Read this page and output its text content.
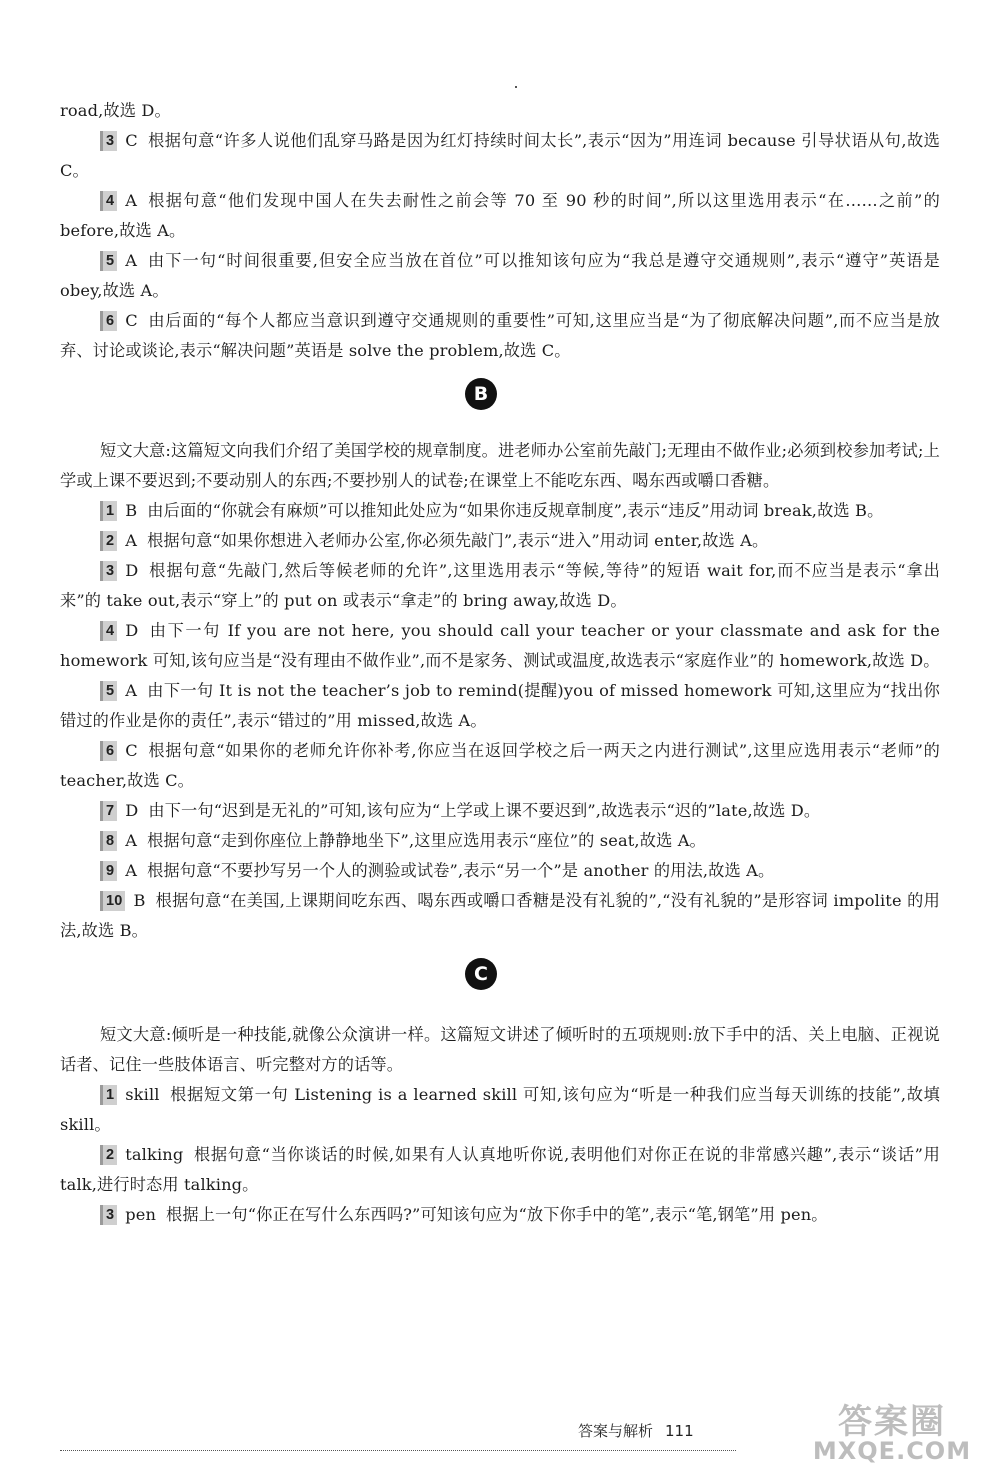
road,故选 D。

3 C 根据句意“许多人说他们乱穿马路是因为红灯持续时间太长”,表示“因为”用连词 because 引导状语从句,故选 C。

4 A 根据句意“他们发现中国人在失去耐性之前会等 70 至 90 秒的时间”,所以这里选用表示“在……之前”的 before,故选 A。

5 A 由下一句“时间很重要,但安全应当放在首位”可以推知该句应为“我总是遵守交通规则”,表示“遵守”英语是 obey,故选 A。

6 C 由后面的“每个人都应当意识到遵守交通规则的重要性”可知,这里应当是“为了彻底解决问题”,而不应当是放弃、讨论或谈论,表示“解决问题”英语是 solve the problem,故选 C。

B

短文大意:这篇短文向我们介绍了美国学校的规章制度。进老师办公室前先敲门;无理由不做作业;必须到校参加考试;上学或上课不要迟到;不要动别人的东西;不要抄别人的试卷;在课堂上不能吃东西、喝东西或嚼口香糖。

1 B 由后面的“你就会有麻烦”可以推知此处应为“如果你违反规章制度”,表示“违反”用动词 break,故选 B。

2 A 根据句意“如果你想进入老师办公室,你必须先敲门”,表示“进入”用动词 enter,故选 A。

3 D 根据句意“先敲门,然后等候老师的允许”,这里选用表示“等候,等待”的短语 wait for,而不应当是表示“拿出来”的 take out,表示“穿上”的 put on 或表示“拿走”的 bring away,故选 D。

4 D 由下一句 If you are not here, you should call your teacher or your classmate and ask for the homework 可知,该句应当是“没有理由不做作业”,而不是家务、测试或温度,故选表示“家庭作业”的 homework,故选 D。

5 A 由下一句 It is not the teacher’s job to remind(提醒)you of missed homework 可知,这里应为“找出你错过的作业是你的责任”,表示“错过的”用 missed,故选 A。

6 C 根据句意“如果你的老师允许你补考,你应当在返回学校之后一两天之内进行测试”,这里应选用表示“老师”的 teacher,故选 C。

7 D 由下一句“迟到是无礼的”可知,该句应为“上学或上课不要迟到”,故选表示“迟的”late,故选 D。

8 A 根据句意“走到你座位上静静地坐下”,这里应选用表示“座位”的 seat,故选 A。

9 A 根据句意“不要抄写另一个人的测验或试卷”,表示“另一个”是 another 的用法,故选 A。

10 B 根据句意“在美国,上课期间吃东西、喝东西或嚼口香糖是没有礼貌的”,“没有礼貌的”是形容词 impolite 的用法,故选 B。

C

短文大意:倾听是一种技能,就像公众演讲一样。这篇短文讲述了倾听时的五项规则:放下手中的活、关上电脑、正视说话者、记住一些肢体语言、听完整对方的话等。

1 skill 根据短文第一句 Listening is a learned skill 可知,该句应为“听是一种我们应当每天训练的技能”,故填 skill。

2 talking 根据句意“当你谈话的时候,如果有人认真地听你说,表明他们对你正在说的非常感兴趣”,表示“谈话”用 talk,进行时态用 talking。

3 pen 根据上一句“你正在写什么东西吗?”可知该句应为“放下你手中的笔”,表示“笔,钢笔”用 pen。

答案与解析 111	答案圈
MXQE.COM
